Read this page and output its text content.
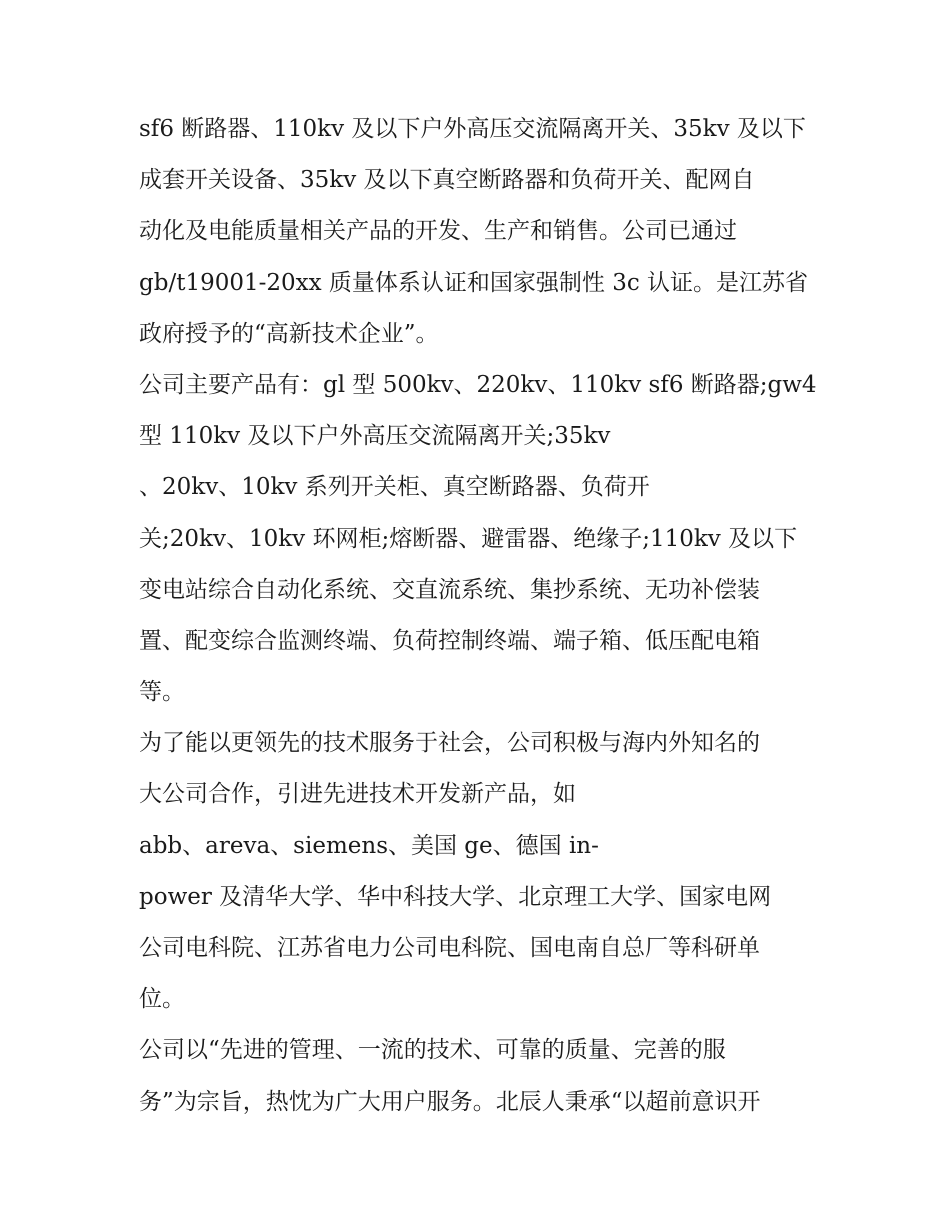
sf6 断路器、110kv 及以下户外高压交流隔离开关、35kv 及以下
成套开关设备、35kv 及以下真空断路器和负荷开关、配网自
动化及电能质量相关产品的开发、生产和销售。公司已通过
gb/t19001-20xx 质量体系认证和国家强制性 3c 认证。是江苏省
政府授予的“高新技术企业”。
公司主要产品有：gl 型 500kv、220kv、110kv sf6 断路器;gw4
型 110kv 及以下户外高压交流隔离开关;35kv
、20kv、10kv 系列开关柜、真空断路器、负荷开
关;20kv、10kv 环网柜;熔断器、避雷器、绝缘子;110kv 及以下
变电站综合自动化系统、交直流系统、集抄系统、无功补偿装
置、配变综合监测终端、负荷控制终端、端子箱、低压配电箱
等。
为了能以更领先的技术服务于社会，公司积极与海内外知名的
大公司合作，引进先进技术开发新产品，如
abb、areva、siemens、美国 ge、德国 in-
power 及清华大学、华中科技大学、北京理工大学、国家电网
公司电科院、江苏省电力公司电科院、国电南自总厂等科研单
位。
公司以“先进的管理、一流的技术、可靠的质量、完善的服
务”为宗旨，热忱为广大用户服务。北辰人秉承“以超前意识开
